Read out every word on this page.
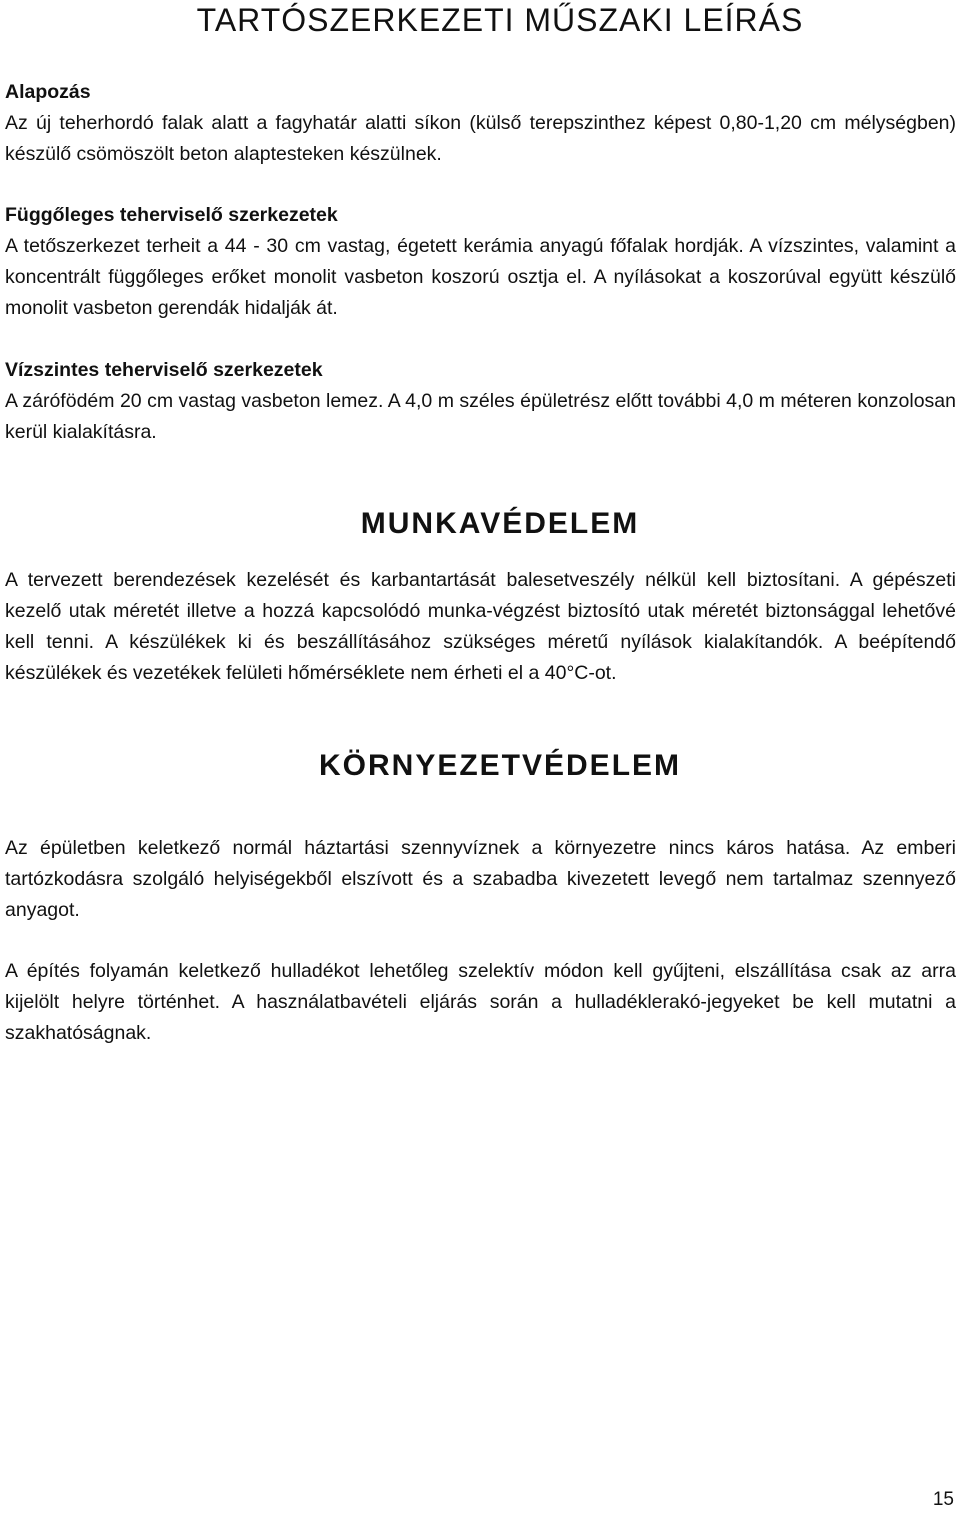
TARTÓSZERKEZETI MŰSZAKI LEÍRÁS
Alapozás

Az új teherhordó falak alatt a fagyhatár alatti síkon (külső terepszinthez képest 0,80-1,20 cm mélységben) készülő csömöszölt beton alaptesteken készülnek.

Függőleges teherviselő szerkezetek

A tetőszerkezet terheit a 44 - 30 cm vastag, égetett kerámia anyagú főfalak hordják. A vízszintes, valamint a koncentrált függőleges erőket monolit vasbeton koszorú osztja el. A nyílásokat a koszorúval együtt készülő monolit vasbeton gerendák hidalják át.

Vízszintes teherviselő szerkezetek

A zárófödém 20 cm vastag vasbeton lemez. A 4,0 m széles épületrész előtt további 4,0 m méteren konzolosan kerül kialakításra.

MUNKAVÉDELEM

A tervezett berendezések kezelését és karbantartását balesetveszély nélkül kell biztosítani. A gépészeti kezelő utak méretét illetve a hozzá kapcsolódó munka-végzést biztosító utak méretét biztonsággal lehetővé kell tenni. A készülékek ki és beszállításához szükséges méretű nyílások kialakítandók. A beépítendő készülékek és vezetékek felületi hőmérséklete nem érheti el a 40°C-ot.

KÖRNYEZETVÉDELEM

Az épületben keletkező normál háztartási szennyvíznek a környezetre nincs káros hatása. Az emberi tartózkodásra szolgáló helyiségekből elszívott és a szabadba kivezetett levegő nem tartalmaz szennyező anyagot.

A építés folyamán keletkező hulladékot lehetőleg szelektív módon kell gyűjteni, elszállítása csak az arra kijelölt helyre történhet. A használatbavételi eljárás során a hulladéklerakó-jegyeket be kell mutatni a szakhatóságnak.

15
